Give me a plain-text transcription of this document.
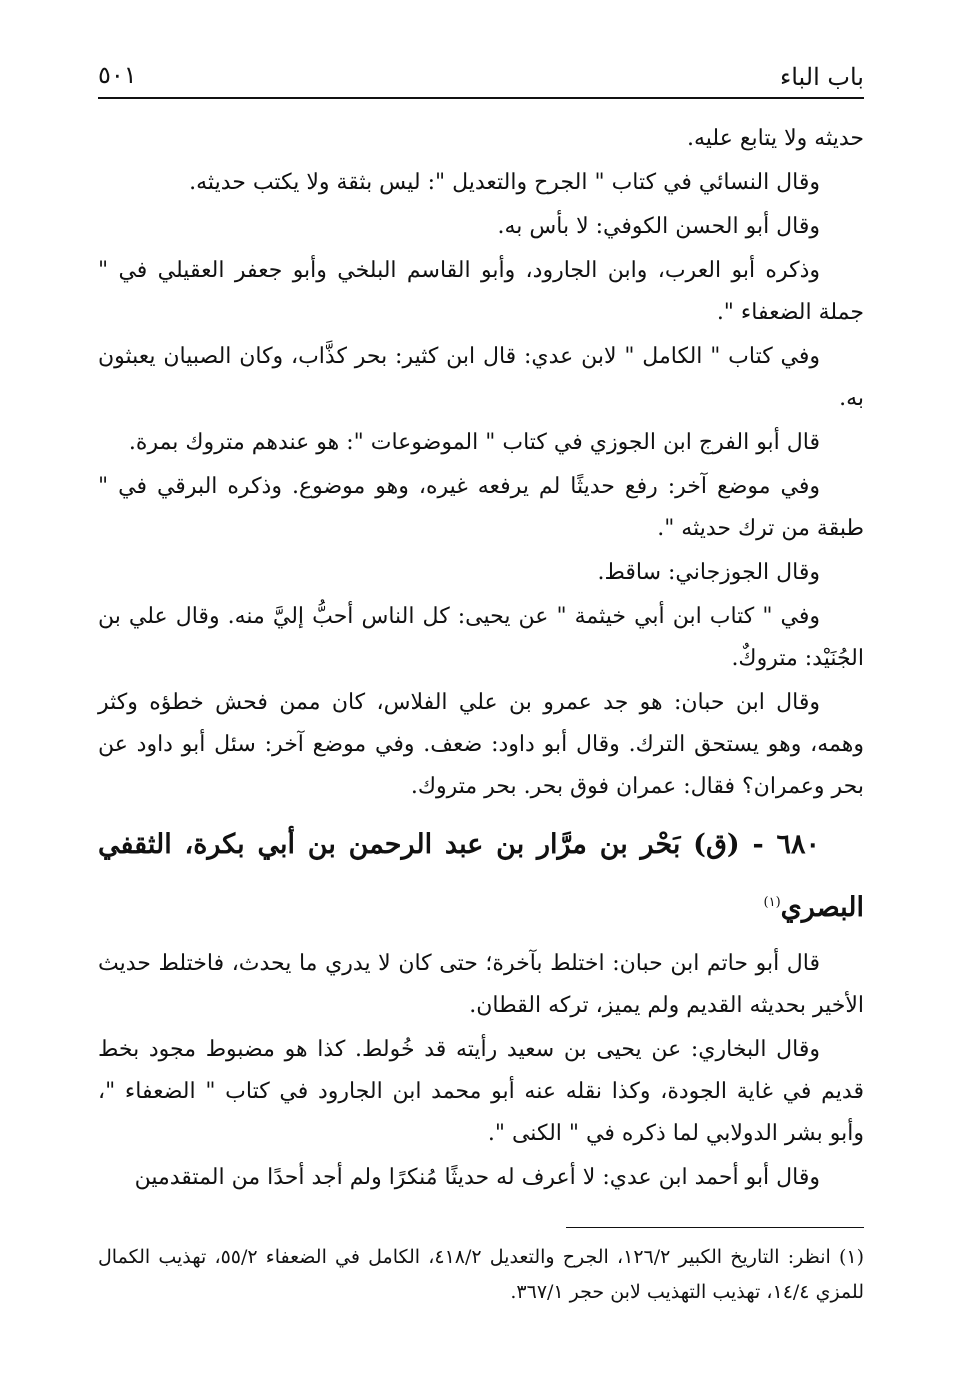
٥٠١	باب الباء

حديثه ولا يتابع عليه.

وقال النسائي في كتاب " الجرح والتعديل ": ليس بثقة ولا يكتب حديثه.

وقال أبو الحسن الكوفي: لا بأس به.

وذكره أبو العرب، وابن الجارود، وأبو القاسم البلخي وأبو جعفر العقيلي في " جملة الضعفاء ".

وفي كتاب " الكامل " لابن عدي: قال ابن كثير: بحر كذَّاب، وكان الصبيان يعبثون به.

قال أبو الفرج ابن الجوزي في كتاب " الموضوعات ": هو عندهم متروك بمرة.

وفي موضع آخر: رفع حديثًا لم يرفعه غيره، وهو موضوع. وذكره البرقي في " طبقة من ترك حديثه ".

وقال الجوزجاني: ساقط.

وفي " كتاب ابن أبي خيثمة " عن يحيى: كل الناس أحبُّ إليَّ منه. وقال علي بن الجُنَيْد: متروكٌ.

وقال ابن حبان: هو جد عمرو بن علي الفلاس، كان ممن فحش خطؤه وكثر وهمه، وهو يستحق الترك. وقال أبو داود: ضعف. وفي موضع آخر: سئل أبو داود عن بحر وعمران؟ فقال: عمران فوق بحر. بحر متروك.

٦٨٠ - (ق) بَحْر بن مرَّار بن عبد الرحمن بن أبي بكرة، الثقفي البصري$^{(١)}$

قال أبو حاتم ابن حبان: اختلط بآخرة؛ حتى كان لا يدري ما يحدث، فاختلط حديث الأخير بحديثه القديم ولم يميز، تركه القطان.

وقال البخاري: عن يحيى بن سعيد رأيته قد خُولط. كذا هو مضبوط مجود بخط قديم في غاية الجودة، وكذا نقله عنه أبو محمد ابن الجارود في كتاب " الضعفاء "، وأبو بشر الدولابي لما ذكره في " الكنى ".

وقال أبو أحمد ابن عدي: لا أعرف له حديثًا مُنكرًا ولم أجد أحدًا من المتقدمين

(١) انظر: التاريخ الكبير ١٢٦/٢، الجرح والتعديل ٤١٨/٢، الكامل في الضعفاء ٥٥/٢، تهذيب الكمال للمزي ١٤/٤، تهذيب التهذيب لابن حجر ٣٦٧/١.
